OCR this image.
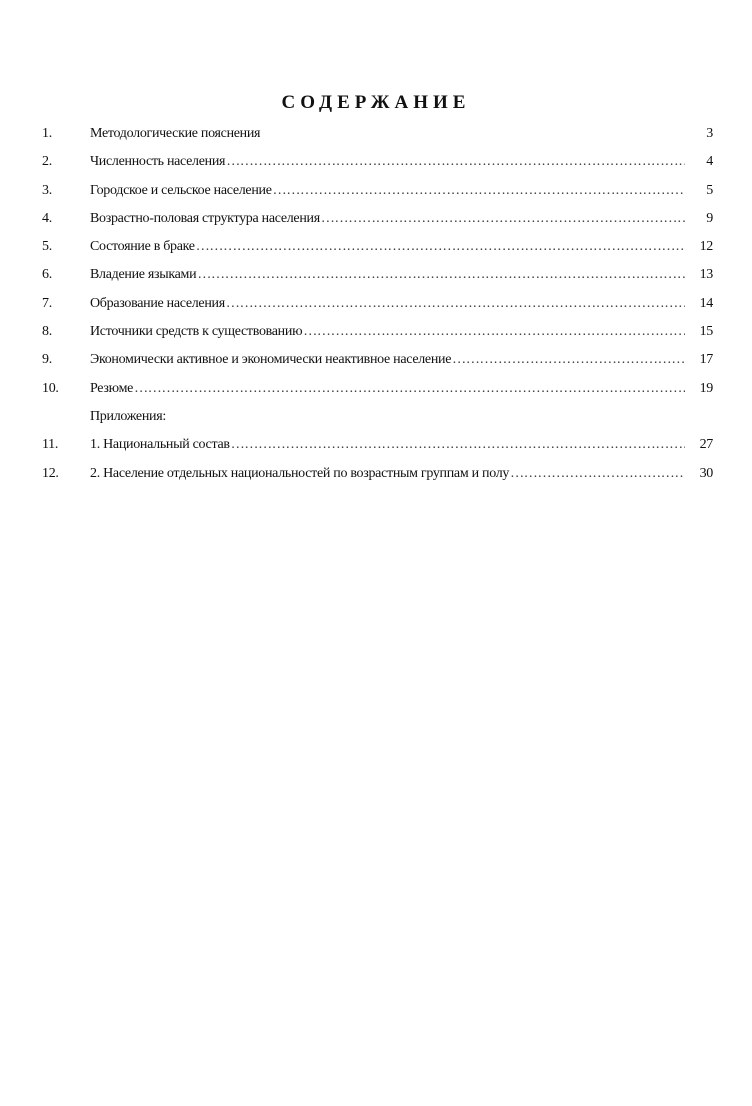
СОДЕРЖАНИЕ
1.	Методологические пояснения	3
2.	Численность населения ……………………………………………………………………………………………………………………………………………	4
3.	Городское и сельское население ……………………………………………………………………………………………………………………………………………	5
4.	Возрастно-половая структура населения ……………………………………………………………………………………………………………………………………………	9
5.	Состояние в браке ……………………………………………………………………………………………………………………………………………	12
6.	Владение языками ……………………………………………………………………………………………………………………………………………	13
7.	Образование населения ……………………………………………………………………………………………………………………………………………	14
8.	Источники средств к существованию ……………………………………………………………………………………………………………………………………………	15
9.	Экономически активное и экономически неактивное население ……………………………………………………………………………………………………………………………………………	17
10.	Резюме ……………………………………………………………………………………………………………………………………………	19
Приложения:
11.	1. Национальный состав ……………………………………………………………………………………………………………………………………………	27
12.	2. Население отдельных национальностей по возрастным группам и полу ……………………………………………………………………………………………………………………………………………	30
